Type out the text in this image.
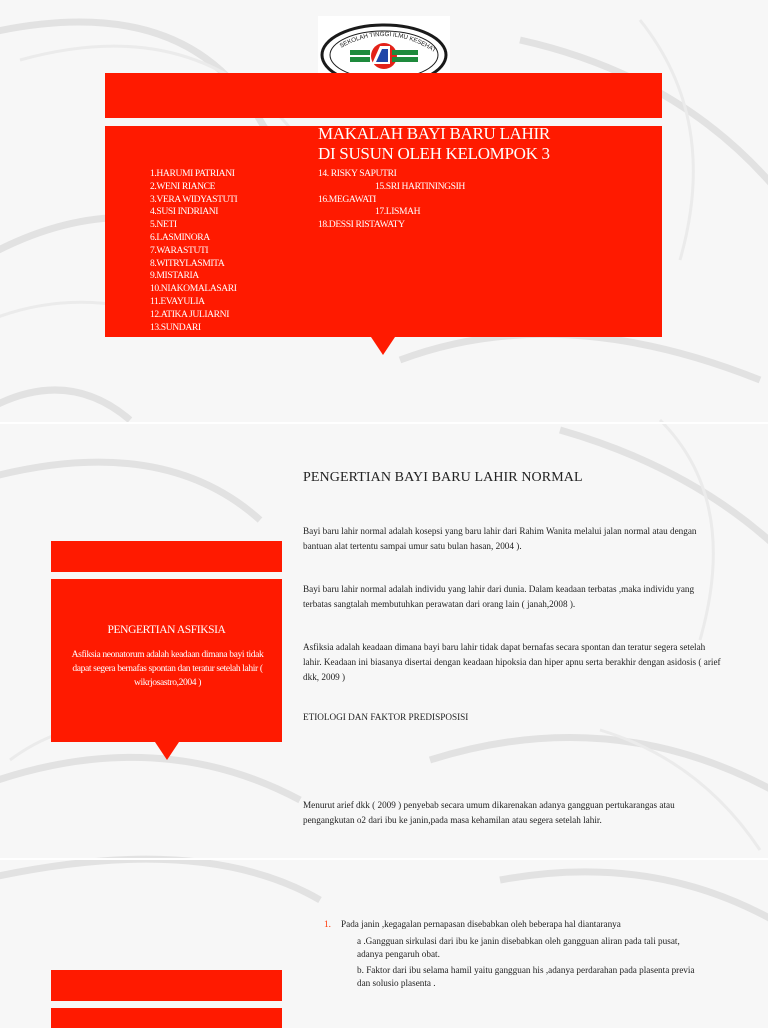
SEKOLAH TINGGI ILMU KESEHAT
MAKALAH BAYI BARU LAHIR
DI SUSUN OLEH KELOMPOK 3
1.HARUMI PATRIANI
2.WENI RIANCE
3.VERA WIDYASTUTI
4.SUSI INDRIANI
5.NETI
6.LASMINORA
7.WARASTUTI
8.WITRYLASMITA
9.MISTARIA
10.NIAKOMALASARI
11.EVAYULIA
12.ATIKA JULIARNI
13.SUNDARI
14. RISKY SAPUTRI
15.SRI HARTININGSIH
16.MEGAWATI
17.LISMAH
18.DESSI RISTAWATY
PENGERTIAN BAYI BARU LAHIR NORMAL
Bayi baru lahir normal adalah kosepsi yang baru lahir dari Rahim Wanita melalui jalan normal atau dengan bantuan alat tertentu sampai umur satu bulan hasan, 2004 ).
Bayi baru lahir normal adalah individu yang lahir dari dunia. Dalam keadaan terbatas ,maka individu yang terbatas sangtalah membutuhkan perawatan dari orang lain ( janah,2008 ).
Asfiksia adalah keadaan dimana bayi baru lahir tidak dapat bernafas secara spontan dan teratur segera setelah lahir. Keadaan ini biasanya disertai dengan keadaan hipoksia dan hiper apnu serta berakhir dengan asidosis ( arief dkk, 2009 )
ETIOLOGI DAN FAKTOR PREDISPOSISI
Menurut arief dkk ( 2009 ) penyebab secara umum dikarenakan adanya gangguan pertukarangas atau pengangkutan o2 dari ibu ke janin,pada masa kehamilan atau segera setelah lahir.
PENGERTIAN ASFIKSIA
Asfiksia neonatorum adalah keadaan dimana bayi tidak dapat segera bernafas spontan dan teratur setelah lahir ( wikrjosastro,2004 )
1. Pada janin ,kegagalan pernapasan disebabkan oleh beberapa hal diantaranya
a .Gangguan sirkulasi dari ibu ke janin disebabkan oleh gangguan aliran pada tali pusat,
adanya pengaruh obat.
b. Faktor dari ibu selama hamil yaitu gangguan his ,adanya perdarahan pada plasenta previa
dan solusio plasenta .
